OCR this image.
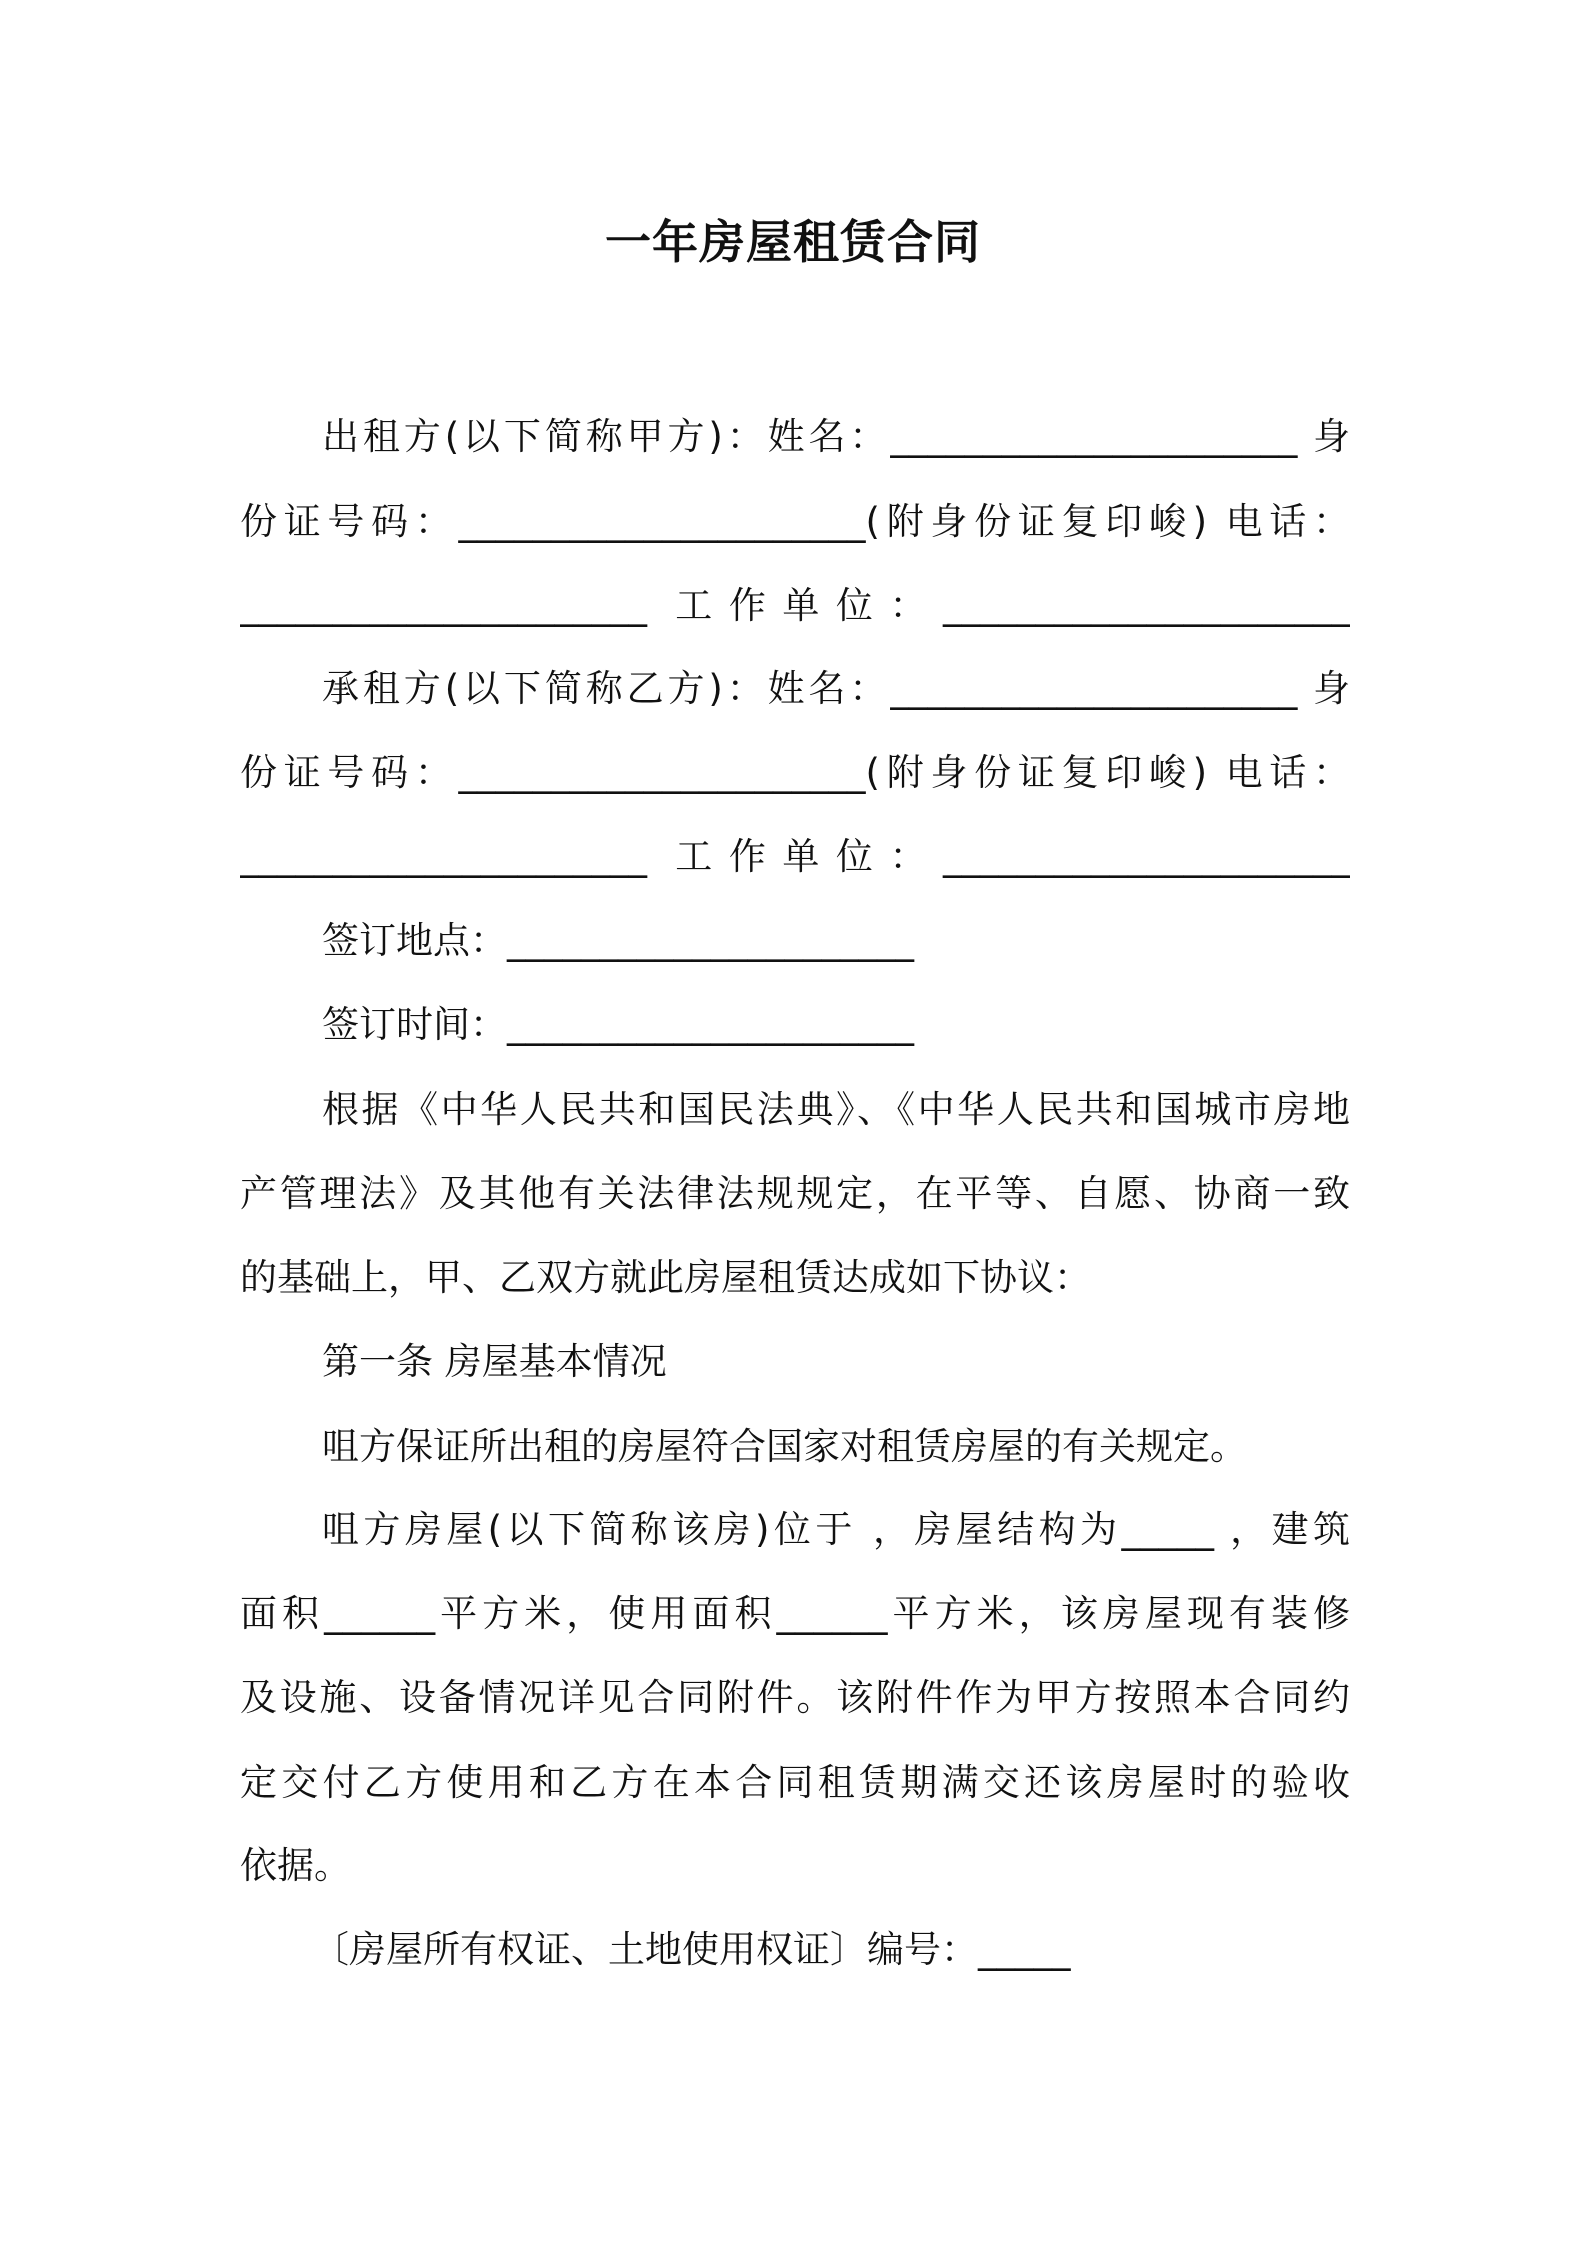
一年房屋租赁合同
出租方(以下简称甲方)：姓名：______________________ 身
份证号码：______________________(附身份证复印峻) 电话：
______________________ 工作单位：______________________
承租方(以下简称乙方)：姓名：______________________ 身
份证号码：______________________(附身份证复印峻) 电话：
______________________ 工作单位：______________________
签订地点：______________________
签订时间：______________________
根据《中华人民共和国民法典》、《中华人民共和国城市房地
产管理法》及其他有关法律法规规定，在平等、自愿、协商一致
的基础上，甲、乙双方就此房屋租赁达成如下协议：
第一条 房屋基本情况
咀方保证所出租的房屋符合国家对租赁房屋的有关规定。
咀方房屋(以下简称该房)位于 ，房屋结构为_____ ，建筑
面积______平方米，使用面积______平方米，该房屋现有装修
及设施、设备情况详见合同附件。该附件作为甲方按照本合同约
定交付乙方使用和乙方在本合同租赁期满交还该房屋时的验收
依据。
〔房屋所有权证、土地使用权证〕编号：_____
